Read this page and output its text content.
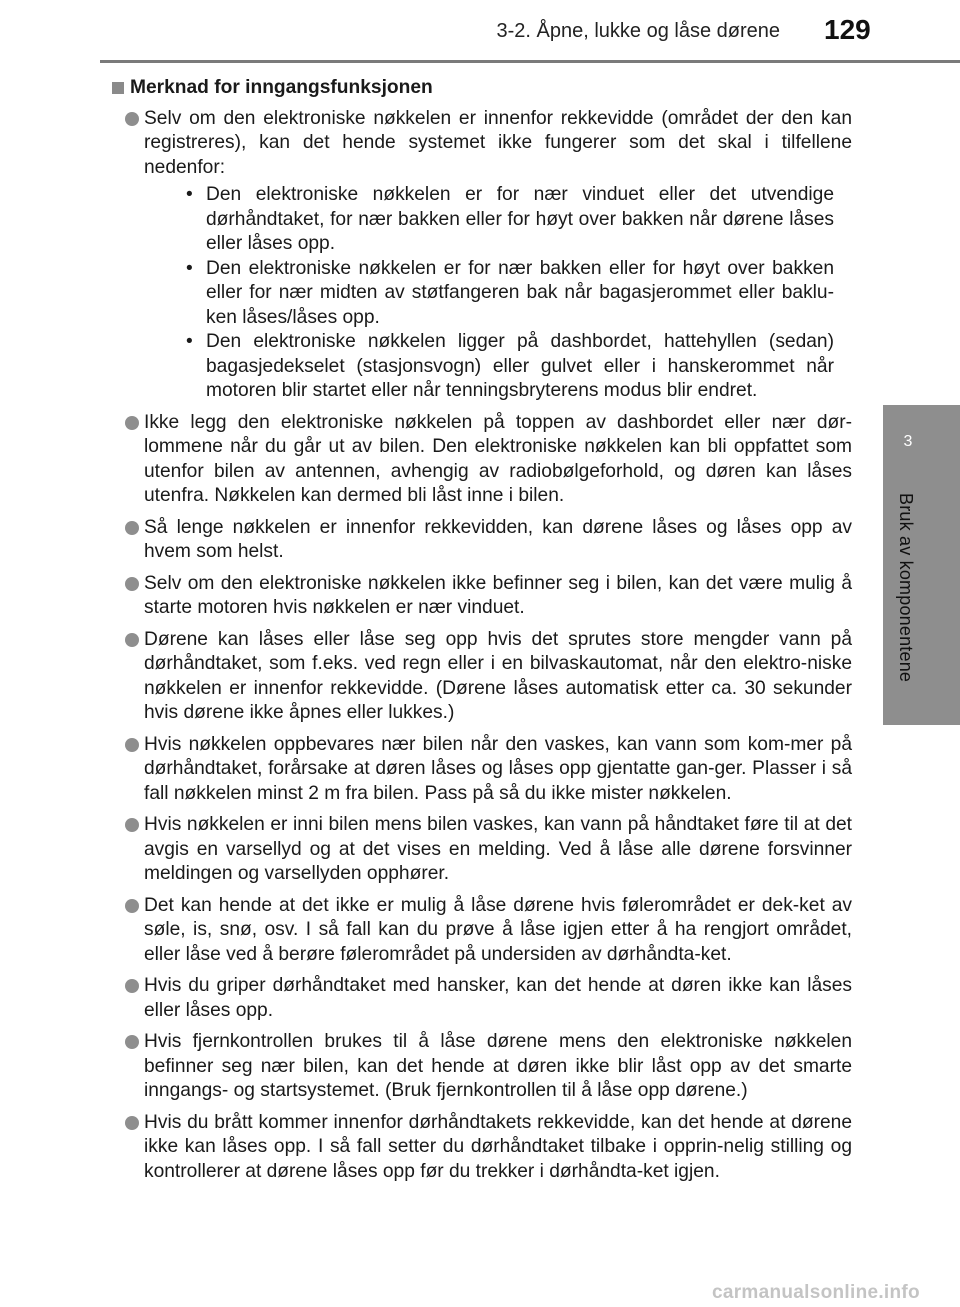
3-2. Åpne, lukke og låse dørene 129
3
Bruk av komponentene
Merknad for inngangsfunksjonen
Selv om den elektroniske nøkkelen er innenfor rekkevidde (området der den kan registreres), kan det hende systemet ikke fungerer som det skal i tilfellene nedenfor:
• Den elektroniske nøkkelen er for nær vinduet eller det utvendige dørhåndtaket, for nær bakken eller for høyt over bakken når dørene låses eller låses opp.
• Den elektroniske nøkkelen er for nær bakken eller for høyt over bakken eller for nær midten av støtfangeren bak når bagasjerommet eller baklu-ken låses/låses opp.
• Den elektroniske nøkkelen ligger på dashbordet, hattehyllen (sedan) bagasjedekselet (stasjonsvogn) eller gulvet eller i hanskerommet når motoren blir startet eller når tenningsbryterens modus blir endret.
Ikke legg den elektroniske nøkkelen på toppen av dashbordet eller nær dør-lommene når du går ut av bilen. Den elektroniske nøkkelen kan bli oppfattet som utenfor bilen av antennen, avhengig av radiobølgeforhold, og døren kan låses utenfra. Nøkkelen kan dermed bli låst inne i bilen.
Så lenge nøkkelen er innenfor rekkevidden, kan dørene låses og låses opp av hvem som helst.
Selv om den elektroniske nøkkelen ikke befinner seg i bilen, kan det være mulig å starte motoren hvis nøkkelen er nær vinduet.
Dørene kan låses eller låse seg opp hvis det sprutes store mengder vann på dørhåndtaket, som f.eks. ved regn eller i en bilvaskautomat, når den elektro-niske nøkkelen er innenfor rekkevidde. (Dørene låses automatisk etter ca. 30 sekunder hvis dørene ikke åpnes eller lukkes.)
Hvis nøkkelen oppbevares nær bilen når den vaskes, kan vann som kom-mer på dørhåndtaket, forårsake at døren låses og låses opp gjentatte gan-ger. Plasser i så fall nøkkelen minst 2 m fra bilen. Pass på så du ikke mister nøkkelen.
Hvis nøkkelen er inni bilen mens bilen vaskes, kan vann på håndtaket føre til at det avgis en varsellyd og at det vises en melding. Ved å låse alle dørene forsvinner meldingen og varsellyden opphører.
Det kan hende at det ikke er mulig å låse dørene hvis følerområdet er dek-ket av søle, is, snø, osv. I så fall kan du prøve å låse igjen etter å ha rengjort området, eller låse ved å berøre følerområdet på undersiden av dørhåndta-ket.
Hvis du griper dørhåndtaket med hansker, kan det hende at døren ikke kan låses eller låses opp.
Hvis fjernkontrollen brukes til å låse dørene mens den elektroniske nøkkelen befinner seg nær bilen, kan det hende at døren ikke blir låst opp av det smarte inngangs- og startsystemet. (Bruk fjernkontrollen til å låse opp dørene.)
Hvis du brått kommer innenfor dørhåndtakets rekkevidde, kan det hende at dørene ikke kan låses opp. I så fall setter du dørhåndtaket tilbake i opprin-nelig stilling og kontrollerer at dørene låses opp før du trekker i dørhåndta-ket igjen.
carmanualsonline.info
